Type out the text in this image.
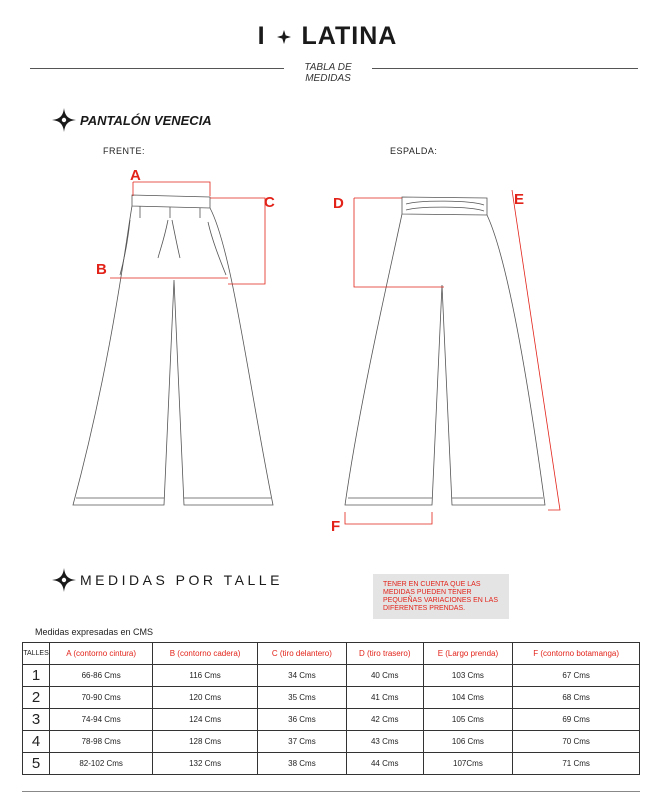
I LATINA
TABLA DE
MEDIDAS
PANTALÓN VENECIA
FRENTE:	ESPALDA:
A
B
C	D	E
F
MEDIDAS POR TALLE	TENER EN CUENTA QUE LAS MEDIDAS PUEDEN TENER PEQUEÑAS VARIACIONES EN LAS DIFERENTES PRENDAS.
Medidas expresadas en CMS
TALLES	A (contorno cintura)	B (contorno cadera)	C (tiro delantero)	D (tiro trasero)	E (Largo prenda)	F (contorno botamanga)
1	66-86 Cms	116 Cms	34 Cms	40 Cms	103 Cms	67 Cms
2	70-90 Cms	120 Cms	35 Cms	41 Cms	104 Cms	68 Cms
3	74-94 Cms	124 Cms	36 Cms	42 Cms	105 Cms	69 Cms
4	78-98 Cms	128 Cms	37 Cms	43 Cms	106 Cms	70 Cms
5	82-102 Cms	132 Cms	38 Cms	44 Cms	107Cms	71 Cms
